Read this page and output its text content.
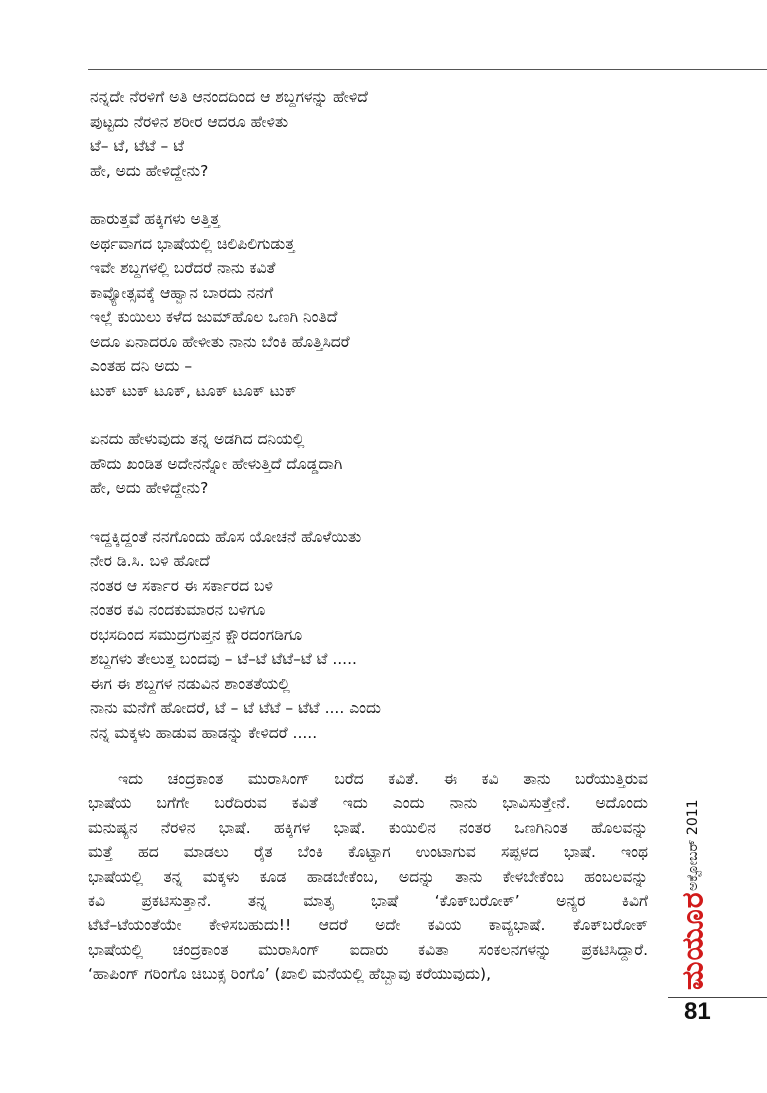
ನನ್ನದೇ ನೆರಳಿಗೆ ಅತಿ ಆನಂದದಿಂದ ಆ ಶಬ್ದಗಳನ್ನು ಹೇಳಿದೆ
ಪುಟ್ಟದು ನೆರಳಿನ ಶರೀರ ಆದರೂ ಹೇಳಿತು
ಟೆ– ಟೆ, ಟೆಟೆ – ಟೆ
ಹೇ, ಅದು ಹೇಳಿದ್ದೇನು?
ಹಾರುತ್ತವೆ ಹಕ್ಕಿಗಳು ಅತ್ತಿತ್ತ
ಅರ್ಥವಾಗದ ಭಾಷೆಯಲ್ಲಿ ಚಿಲಿಪಿಲಿಗುಡುತ್ತ
ಇವೇ ಶಬ್ದಗಳಲ್ಲಿ ಬರೆದರೆ ನಾನು ಕವಿತೆ
ಕಾವ್ಯೋತ್ಸವಕ್ಕೆ ಆಹ್ವಾನ ಬಾರದು ನನಗೆ
ಇಲ್ಲೆ ಕುಯಿಲು ಕಳೆದ ಜುಮ್‌ಹೊಲ ಒಣಗಿ ನಿಂತಿದೆ
ಅದೂ ಏನಾದರೂ ಹೇಳೀತು ನಾನು ಬೆಂಕಿ ಹೊತ್ತಿಸಿದರೆ
ಎಂತಹ ದನಿ ಅದು –
ಟುಕ್ ಟುಕ್ ಟೂಕ್, ಟೂಕ್ ಟೂಕ್ ಟುಕ್
ಏನದು ಹೇಳುವುದು ತನ್ನ ಅಡಗಿದ ದನಿಯಲ್ಲಿ
ಹೌದು ಖಂಡಿತ ಅದೇನನ್ನೋ ಹೇಳುತ್ತಿದೆ ದೊಡ್ಡದಾಗಿ
ಹೇ, ಅದು ಹೇಳಿದ್ದೇನು?
ಇದ್ದಕ್ಕಿದ್ದಂತೆ ನನಗೊಂದು ಹೊಸ ಯೋಚನೆ ಹೊಳೆಯಿತು
ನೇರ ಡಿ.ಸಿ. ಬಳಿ ಹೋದೆ
ನಂತರ ಆ ಸರ್ಕಾರ ಈ ಸರ್ಕಾರದ ಬಳಿ
ನಂತರ ಕವಿ ನಂದಕುಮಾರನ ಬಳಿಗೂ
ರಭಸದಿಂದ ಸಮುದ್ರಗುಪ್ತನ ಕ್ಷೌರದಂಗಡಿಗೂ
ಶಬ್ದಗಳು ತೇಲುತ್ತ ಬಂದವು – ಟೆ–ಟೆ ಟೆಟೆ–ಟೆ ಟೆ .....
ಈಗ ಈ ಶಬ್ದಗಳ ನಡುವಿನ ಶಾಂತತೆಯಲ್ಲಿ
ನಾನು ಮನೆಗೆ ಹೋದರೆ, ಟೆ – ಟೆ ಟೆಟೆ – ಟೆಟೆ .... ಎಂದು
ನನ್ನ ಮಕ್ಕಳು ಹಾಡುವ ಹಾಡನ್ನು ಕೇಳಿದರೆ .....
ಇದು ಚಂದ್ರಕಾಂತ ಮುರಾಸಿಂಗ್ ಬರೆದ ಕವಿತೆ. ಈ ಕವಿ ತಾನು ಬರೆಯುತ್ತಿರುವ
ಭಾಷೆಯ ಬಗೆಗೇ ಬರೆದಿರುವ ಕವಿತೆ ಇದು ಎಂದು ನಾನು ಭಾವಿಸುತ್ತೇನೆ. ಅದೊಂದು
ಮನುಷ್ಯನ ನೆರಳಿನ ಭಾಷೆ. ಹಕ್ಕಿಗಳ ಭಾಷೆ. ಕುಯಿಲಿನ ನಂತರ ಒಣಗಿನಿಂತ ಹೊಲವನ್ನು
ಮತ್ತೆ ಹದ ಮಾಡಲು ರೈತ ಬೆಂಕಿ ಕೊಟ್ಟಾಗ ಉಂಟಾಗುವ ಸಪ್ಪಳದ ಭಾಷೆ. ಇಂಥ
ಭಾಷೆಯಲ್ಲಿ ತನ್ನ ಮಕ್ಕಳು ಕೂಡ ಹಾಡಬೇಕೆಂಬ, ಅದನ್ನು ತಾನು ಕೇಳಬೇಕೆಂಬ ಹಂಬಲವನ್ನು
ಕವಿ ಪ್ರಕಟಿಸುತ್ತಾನೆ. ತನ್ನ ಮಾತೃ ಭಾಷೆ ‘ಕೊಕ್‌ಬರೋಕ್’ ಅನ್ಯರ ಕಿವಿಗೆ
ಟೆಟೆ–ಟೆಯಂತೆಯೇ ಕೇಳಿಸಬಹುದು!! ಆದರೆ ಅದೇ ಕವಿಯ ಕಾವ್ಯಭಾಷೆ. ಕೊಕ್‌ಬರೋಕ್
ಭಾಷೆಯಲ್ಲಿ ಚಂದ್ರಕಾಂತ ಮುರಾಸಿಂಗ್ ಐದಾರು ಕವಿತಾ ಸಂಕಲನಗಳನ್ನು ಪ್ರಕಟಿಸಿದ್ದಾರೆ.
‘ಹಾಪಿಂಗ್ ಗರಿಂಗೊ ಚಿಬುಕ್ಸ ರಿಂಗೊ’ (ಖಾಲಿ ಮನೆಯಲ್ಲಿ ಹೆಬ್ಬಾವು ಕರೆಯುವುದು),	ಮಯೂರ
ಅಕ್ಟೋಬರ್ 2011
81
